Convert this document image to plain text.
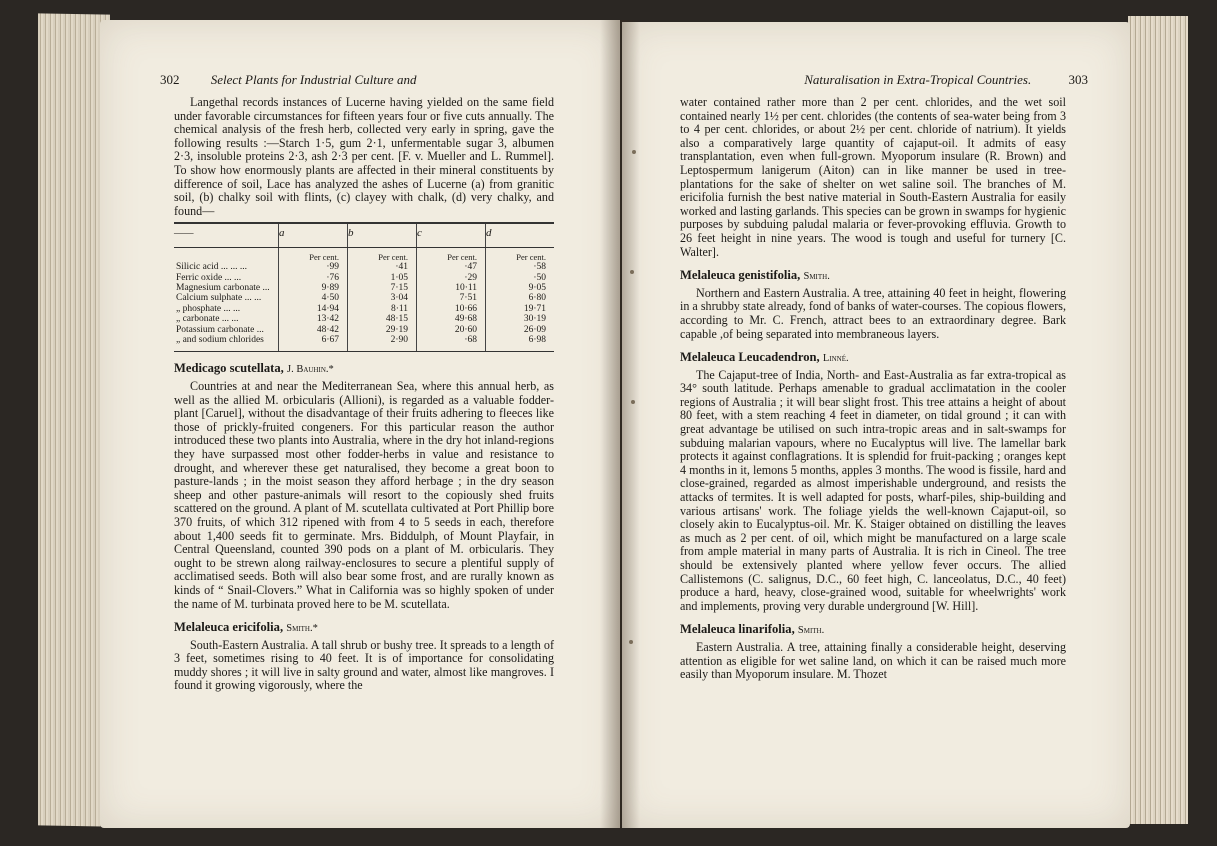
302 Select Plants for Industrial Culture and

Langethal records instances of Lucerne having yielded on the same field under favorable circumstances for fifteen years four or five cuts annually. The chemical analysis of the fresh herb, collected very early in spring, gave the following results :—Starch 1·5, gum 2·1, unfermentable sugar 3, albumen 2·3, insoluble proteins 2·3, ash 2·3 per cent. [F. v. Mueller and L. Rummel]. To show how enormously plants are affected in their mineral constituents by difference of soil, Lace has analyzed the ashes of Lucerne (a) from granitic soil, (b) chalky soil with flints, (c) clayey with chalk, (d) very chalky, and found—

——	a	b	c	d
	Per cent.	Per cent.	Per cent.	Per cent.
Silicic acid ... ... ...	·99	·41	·47	·58
Ferric oxide ... ...	·76	1·05	·29	·50
Magnesium carbonate ...	9·89	7·15	10·11	9·05
Calcium sulphate ... ...	4·50	3·04	7·51	6·80
„ phosphate ... ...	14·94	8·11	10·66	19·71
„ carbonate ... ...	13·42	48·15	49·68	30·19
Potassium carbonate ...	48·42	29·19	20·60	26·09
„ and sodium chlorides	6·67	2·90	·68	6·98
Medicago scutellata, J. Bauhin.*

Countries at and near the Mediterranean Sea, where this annual herb, as well as the allied M. orbicularis (Allioni), is regarded as a valuable fodder-plant [Caruel], without the disadvantage of their fruits adhering to fleeces like those of prickly-fruited congeners. For this particular reason the author introduced these two plants into Australia, where in the dry hot inland-regions they have surpassed most other fodder-herbs in value and resistance to drought, and wherever these get naturalised, they become a great boon to pasture-lands ; in the moist season they afford herbage ; in the dry season sheep and other pasture-animals will resort to the copiously shed fruits scattered on the ground. A plant of M. scutellata cultivated at Port Phillip bore 370 fruits, of which 312 ripened with from 4 to 5 seeds in each, therefore about 1,400 seeds fit to germinate. Mrs. Biddulph, of Mount Playfair, in Central Queensland, counted 390 pods on a plant of M. orbicularis. They ought to be strewn along railway-enclosures to secure a plentiful supply of acclimatised seeds. Both will also bear some frost, and are rurally known as kinds of “ Snail-Clovers.” What in California was so highly spoken of under the name of M. turbinata proved here to be M. scutellata.

Melaleuca ericifolia, Smith.*

South-Eastern Australia. A tall shrub or bushy tree. It spreads to a length of 3 feet, sometimes rising to 40 feet. It is of importance for consolidating muddy shores ; it will live in salty ground and water, almost like mangroves. I found it growing vigorously, where the

Naturalisation in Extra-Tropical Countries.	303

water contained rather more than 2 per cent. chlorides, and the wet soil contained nearly 1½ per cent. chlorides (the contents of sea-water being from 3 to 4 per cent. chlorides, or about 2½ per cent. chloride of natrium). It yields also a comparatively large quantity of cajaput-oil. It admits of easy transplantation, even when full-grown. Myoporum insulare (R. Brown) and Leptospermum lanigerum (Aiton) can in like manner be used in tree-plantations for the sake of shelter on wet saline soil. The branches of M. ericifolia furnish the best native material in South-Eastern Australia for easily worked and lasting garlands. This species can be grown in swamps for hygienic purposes by subduing paludal malaria or fever-provoking effluvia. Growth to 26 feet height in nine years. The wood is tough and useful for turnery [C. Walter].

Melaleuca genistifolia, Smith.

Northern and Eastern Australia. A tree, attaining 40 feet in height, flowering in a shrubby state already, fond of banks of water-courses. The copious flowers, according to Mr. C. French, attract bees to an extraordinary degree. Bark capable ,of being separated into membraneous layers.

Melaleuca Leucadendron, Linné.

The Cajaput-tree of India, North- and East-Australia as far extra-tropical as 34° south latitude. Perhaps amenable to gradual acclimatation in the cooler regions of Australia ; it will bear slight frost. This tree attains a height of about 80 feet, with a stem reaching 4 feet in diameter, on tidal ground ; it can with great advantage be utilised on such intra-tropic areas and in salt-swamps for subduing malarian vapours, where no Eucalyptus will live. The lamellar bark protects it against conflagrations. It is splendid for fruit-packing ; oranges kept 4 months in it, lemons 5 months, apples 3 months. The wood is fissile, hard and close-grained, regarded as almost imperishable underground, and resists the attacks of termites. It is well adapted for posts, wharf-piles, ship-building and various artisans' work. The foliage yields the well-known Cajaput-oil, so closely akin to Eucalyptus-oil. Mr. K. Staiger obtained on distilling the leaves as much as 2 per cent. of oil, which might be manufactured on a large scale from ample material in many parts of Australia. It is rich in Cineol. The tree should be extensively planted where yellow fever occurs. The allied Callistemons (C. salignus, D.C., 60 feet high, C. lanceolatus, D.C., 40 feet) produce a hard, heavy, close-grained wood, suitable for wheelwrights' work and implements, proving very durable underground [W. Hill].

Melaleuca linarifolia, Smith.

Eastern Australia. A tree, attaining finally a considerable height, deserving attention as eligible for wet saline land, on which it can be raised much more easily than Myoporum insulare. M. Thozet
